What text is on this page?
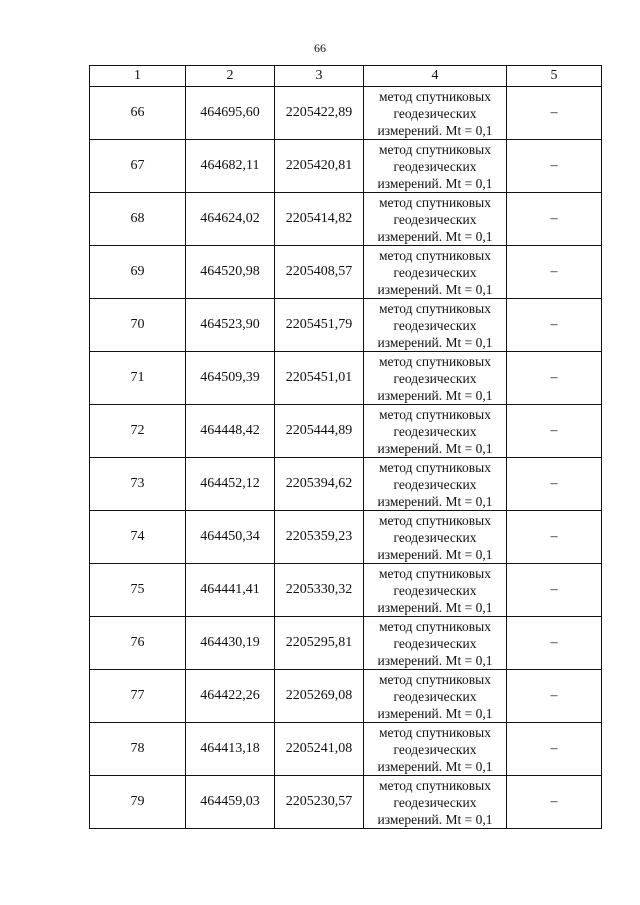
66
1	2	3	4	5
66	464695,60	2205422,89	метод спутниковых
геодезических
измерений. Mt = 0,1	–
67	464682,11	2205420,81	метод спутниковых
геодезических
измерений. Mt = 0,1	–
68	464624,02	2205414,82	метод спутниковых
геодезических
измерений. Mt = 0,1	–
69	464520,98	2205408,57	метод спутниковых
геодезических
измерений. Mt = 0,1	–
70	464523,90	2205451,79	метод спутниковых
геодезических
измерений. Mt = 0,1	–
71	464509,39	2205451,01	метод спутниковых
геодезических
измерений. Mt = 0,1	–
72	464448,42	2205444,89	метод спутниковых
геодезических
измерений. Mt = 0,1	–
73	464452,12	2205394,62	метод спутниковых
геодезических
измерений. Mt = 0,1	–
74	464450,34	2205359,23	метод спутниковых
геодезических
измерений. Mt = 0,1	–
75	464441,41	2205330,32	метод спутниковых
геодезических
измерений. Mt = 0,1	–
76	464430,19	2205295,81	метод спутниковых
геодезических
измерений. Mt = 0,1	–
77	464422,26	2205269,08	метод спутниковых
геодезических
измерений. Mt = 0,1	–
78	464413,18	2205241,08	метод спутниковых
геодезических
измерений. Mt = 0,1	–
79	464459,03	2205230,57	метод спутниковых
геодезических
измерений. Mt = 0,1	–
